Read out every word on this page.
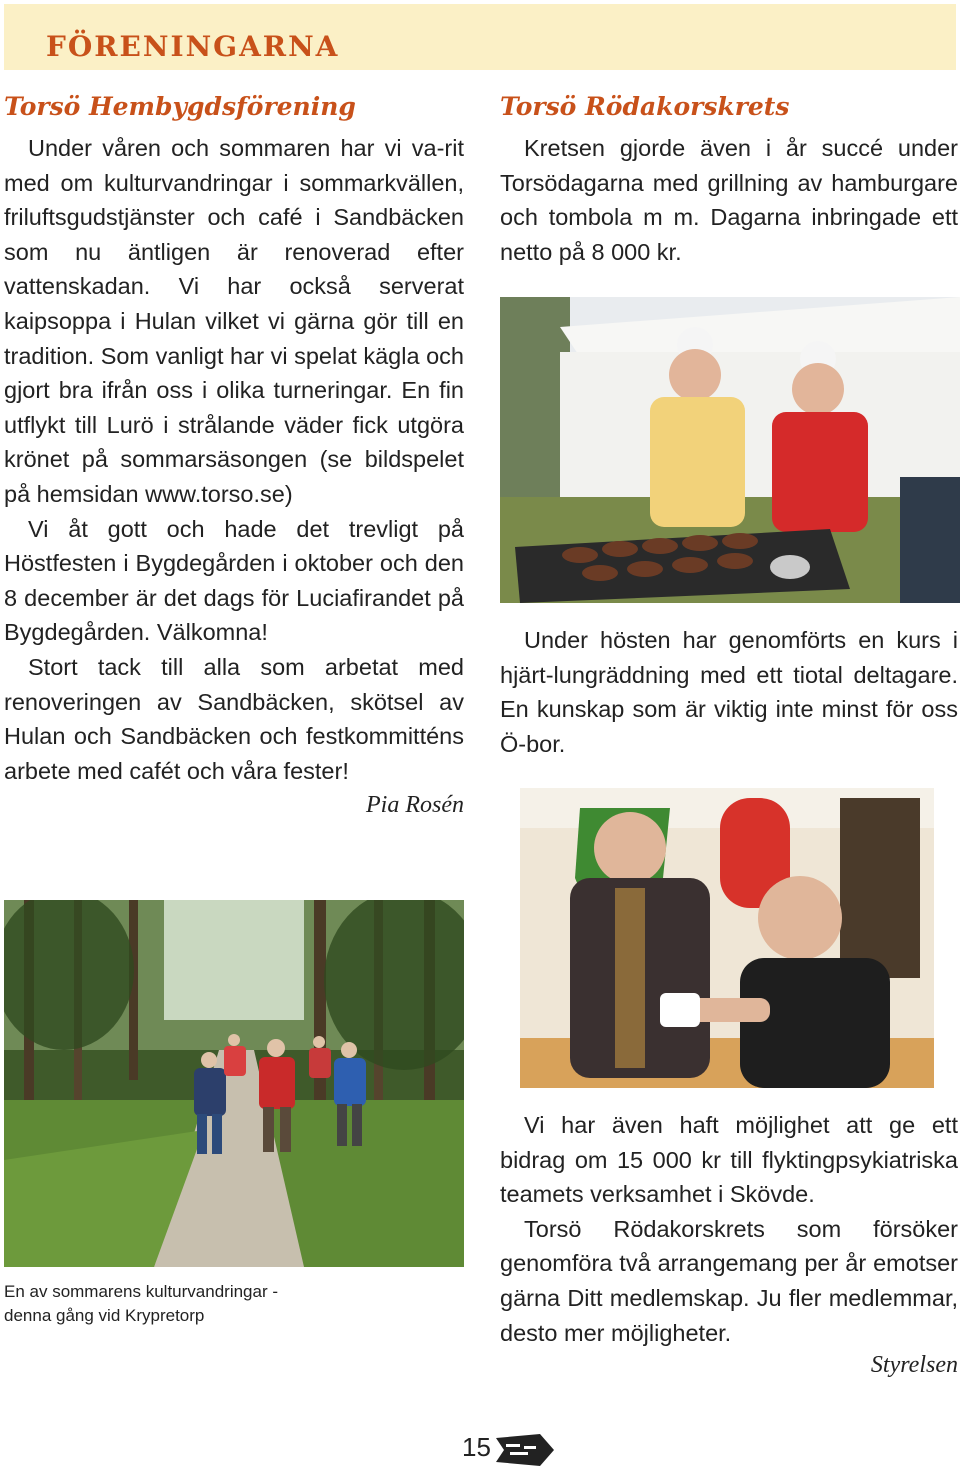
FÖRENINGARNA
Torsö Hembygdsförening

Under våren och sommaren har vi va-rit med om kulturvandringar i sommarkvällen, friluftsgudstjänster och café i Sandbäcken som nu äntligen är renoverad efter vattenskadan. Vi har också serverat kaipsoppa i Hulan vilket vi gärna gör till en tradition. Som vanligt har vi spelat kägla och gjort bra ifrån oss i olika turneringar. En fin utflykt till Lurö i strålande väder fick utgöra krönet på sommarsäsongen (se bildspelet på hemsidan www.torso.se)

Vi åt gott och hade det trevligt på Höstfesten i Bygdegården i oktober och den 8 december är det dags för Luciafirandet på Bygdegården. Välkomna!

Stort tack till alla som arbetat med renoveringen av Sandbäcken, skötsel av Hulan och Sandbäcken och festkommitténs arbete med cafét och våra fester!

Pia Rosén

En av sommarens kulturvandringar - denna gång vid Krypretorp

Torsö Rödakorskrets

Kretsen gjorde även i år succé under Torsödagarna med grillning av hamburgare och tombola m m. Dagarna inbringade ett netto på 8 000 kr.

Under hösten har genomförts en kurs i hjärt-lungräddning med ett tiotal deltagare. En kunskap som är viktig inte minst för oss Ö-bor.

Vi har även haft möjlighet att ge ett bidrag om 15 000 kr till flyktingpsykiatriska teamets verksamhet i Skövde.

Torsö Rödakorskrets som försöker genomföra två arrangemang per år emotser gärna Ditt medlemskap. Ju fler medlemmar, desto mer möjligheter.

Styrelsen

15
